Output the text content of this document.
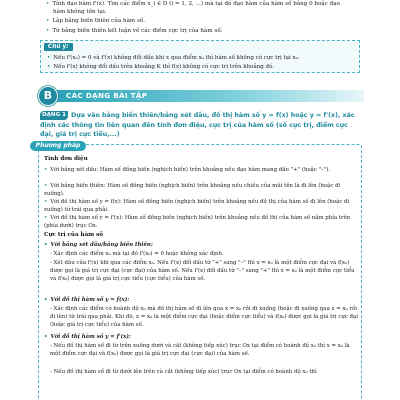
• Tính đạo hàm f'(x). Tìm các điểm x_i ∈ D (i = 1, 2, ...) mà tại đó đạo hàm của hàm số bằng 0 hoặc đạo
hàm không tồn tại.
• Lập bảng biến thiên của hàm số.
• Từ bảng biến thiên kết luận về các điểm cực trị của hàm số.
Chú ý:
• Nếu f'(x₀) = 0 và f'(x) không đổi dấu khi x qua điểm x₀ thì hàm số không có cực trị tại x₀.
• Nếu f'(x) không đổi dấu trên khoảng K thì f(x) không có cực trị trên khoảng đó.
B	CÁC DẠNG BÀI TẬP
Dựa vào bảng biến thiên/bảng xét dấu, đồ thị hàm số y = f(x) hoặc y = f'(x), xác định các thông tin liên quan đến tính đơn điệu, cực trị của hàm số (số cực trị, điểm cực đại, giá trị cực tiểu,...)
DẠNG 1
Phương pháp
Tính đơn điệu
• Với bảng xét dấu: Hàm số đồng biến (nghịch biến) trên khoảng nếu đạo hàm mang dấu "+" (hoặc "–").
• Với bảng biến thiên: Hàm số đồng biến (nghịch biến) trên khoảng nếu chiều của mũi tên là đi lên (hoặc đi xuống).
• Với đồ thị hàm số y = f(x): Hàm số đồng biến (nghịch biến) trên khoảng nếu đồ thị của hàm số đi lên (hoặc đi xuống) từ trái qua phải.
• Với đồ thị hàm số y = f'(x): Hàm số đồng biến (nghịch biến) trên khoảng nếu đồ thị của hàm số nằm phía trên (phía dưới) trục Ox.
Cực trị của hàm số
• Với bảng xét dấu/bảng biến thiên:
- Xác định các điểm x₀ mà tại đó f'(x₀) = 0 hoặc không xác định.
- Xét dấu của f'(x) khi qua các điểm x₀. Nếu f'(x) đổi dấu từ "+" sang "–" thì x = x₀ là một điểm cực đại và f(x₀) được gọi là giá trị cực đại (cực đại) của hàm số. Nếu f'(x) đổi dấu từ "–" sang "+" thì x = x₀ là một điểm cực tiểu và f(x₀) được gọi là giá trị cực tiểu (cực tiểu) của hàm số.
• Với đồ thị hàm số y = f(x):
- Xác định các điểm có hoành độ x₀ mà đồ thị hàm số đi lên qua x = x₀ rồi đi xuống (hoặc đi xuống qua x = x₀ rồi đi lên) từ trái qua phải. Khi đó, x = x₀ là một điểm cực đại (hoặc điểm cực tiểu) và f(x₀) được gọi là giá trị cực đại (hoặc giá trị cực tiểu) của hàm số.
• Với đồ thị hàm số y = f'(x):
- Nếu đồ thị hàm số đi từ trên xuống dưới và cắt (không tiếp xúc) trục Ox tại điểm có hoành độ x₀ thì x = x₀ là một điểm cực đại và f(x₀) được gọi là giá trị cực đại (cực đại) của hàm số.
- Nếu đồ thị hàm số đi từ dưới lên trên và cắt (không tiếp xúc) trục Ox tại điểm có hoành độ x₀ thì
